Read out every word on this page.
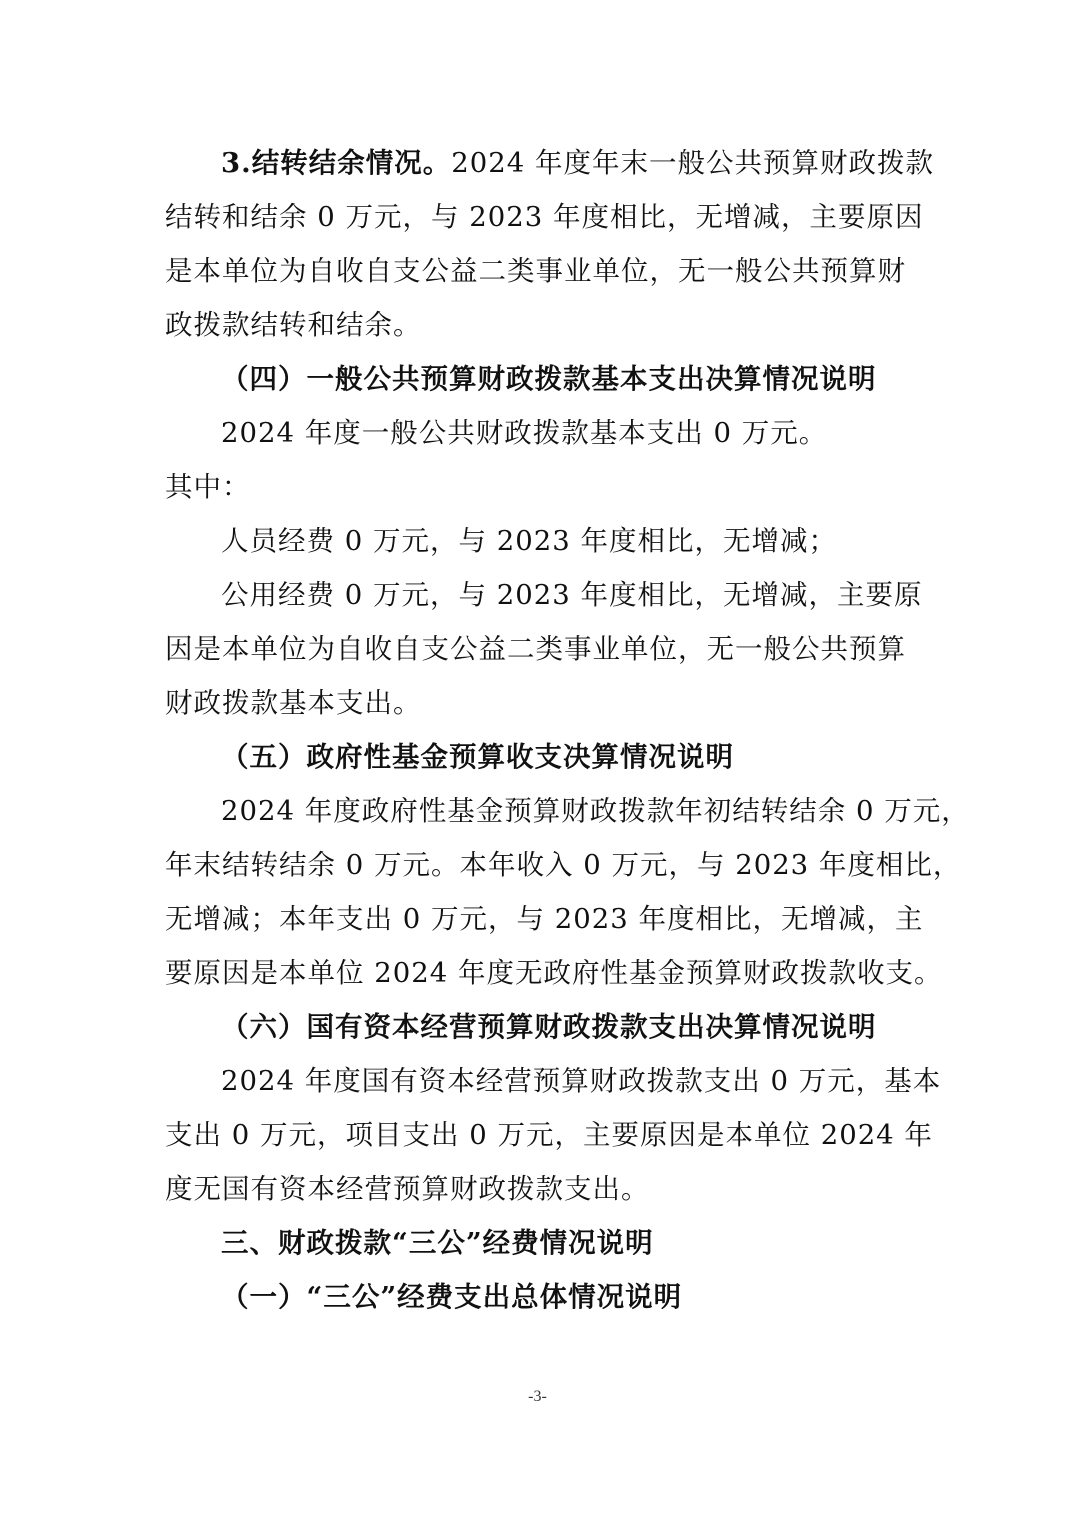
3.结转结余情况。2024 年度年末一般公共预算财政拨款
结转和结余 0 万元，与 2023 年度相比，无增减，主要原因
是本单位为自收自支公益二类事业单位，无一般公共预算财
政拨款结转和结余。
（四）一般公共预算财政拨款基本支出决算情况说明
2024 年度一般公共财政拨款基本支出 0 万元。
其中：
人员经费 0 万元，与 2023 年度相比，无增减；
公用经费 0 万元，与 2023 年度相比，无增减，主要原
因是本单位为自收自支公益二类事业单位，无一般公共预算
财政拨款基本支出。
（五）政府性基金预算收支决算情况说明
2024 年度政府性基金预算财政拨款年初结转结余 0 万元，
年末结转结余 0 万元。本年收入 0 万元，与 2023 年度相比，
无增减；本年支出 0 万元，与 2023 年度相比，无增减，主
要原因是本单位 2024 年度无政府性基金预算财政拨款收支。
（六）国有资本经营预算财政拨款支出决算情况说明
2024 年度国有资本经营预算财政拨款支出 0 万元，基本
支出 0 万元，项目支出 0 万元，主要原因是本单位 2024 年
度无国有资本经营预算财政拨款支出。
三、财政拨款“三公”经费情况说明
（一）“三公”经费支出总体情况说明
-3-
